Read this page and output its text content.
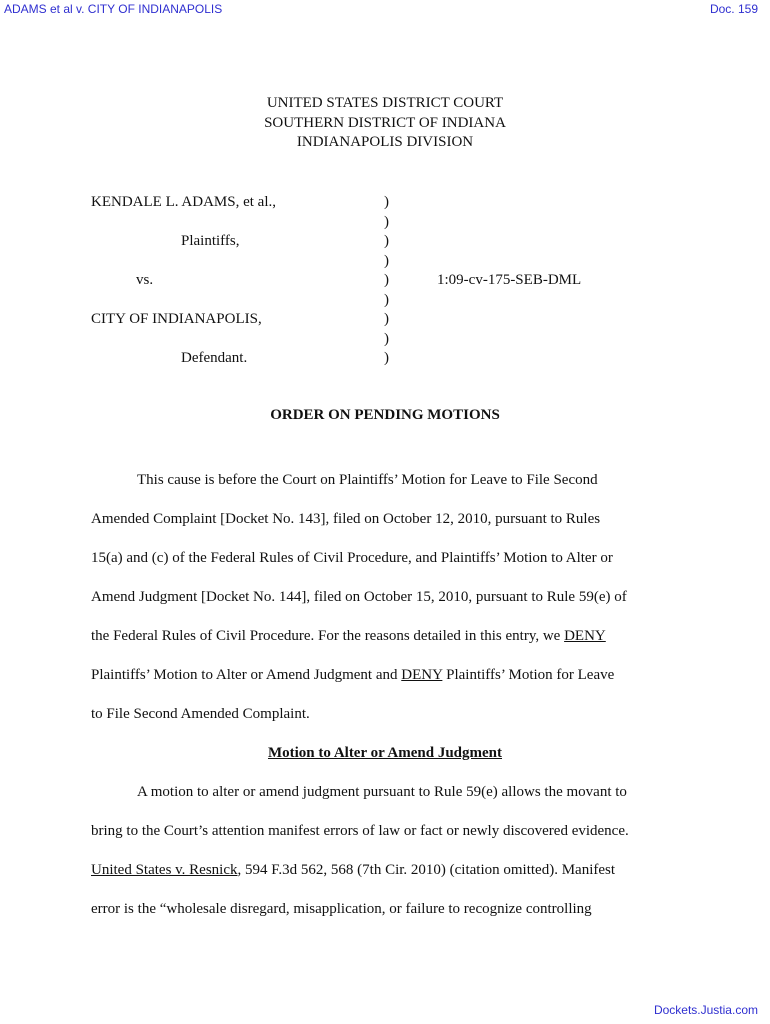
ADAMS et al v. CITY OF INDIANAPOLIS	Doc. 159
UNITED STATES DISTRICT COURT
SOUTHERN DISTRICT OF INDIANA
INDIANAPOLIS DIVISION
KENDALE L. ADAMS, et al.,	)
)
Plaintiffs,	)
)
vs.	)	1:09-cv-175-SEB-DML
)
CITY OF INDIANAPOLIS,	)
)
Defendant.	)
ORDER ON PENDING MOTIONS
This cause is before the Court on Plaintiffs’ Motion for Leave to File Second
Amended Complaint [Docket No. 143], filed on October 12, 2010, pursuant to Rules
15(a) and (c) of the Federal Rules of Civil Procedure, and Plaintiffs’ Motion to Alter or
Amend Judgment [Docket No. 144], filed on October 15, 2010, pursuant to Rule 59(e) of
the Federal Rules of Civil Procedure. For the reasons detailed in this entry, we DENY
Plaintiffs’ Motion to Alter or Amend Judgment and DENY Plaintiffs’ Motion for Leave
to File Second Amended Complaint.
Motion to Alter or Amend Judgment
A motion to alter or amend judgment pursuant to Rule 59(e) allows the movant to
bring to the Court’s attention manifest errors of law or fact or newly discovered evidence.
United States v. Resnick, 594 F.3d 562, 568 (7th Cir. 2010) (citation omitted). Manifest
error is the “wholesale disregard, misapplication, or failure to recognize controlling
Dockets.Justia.com
